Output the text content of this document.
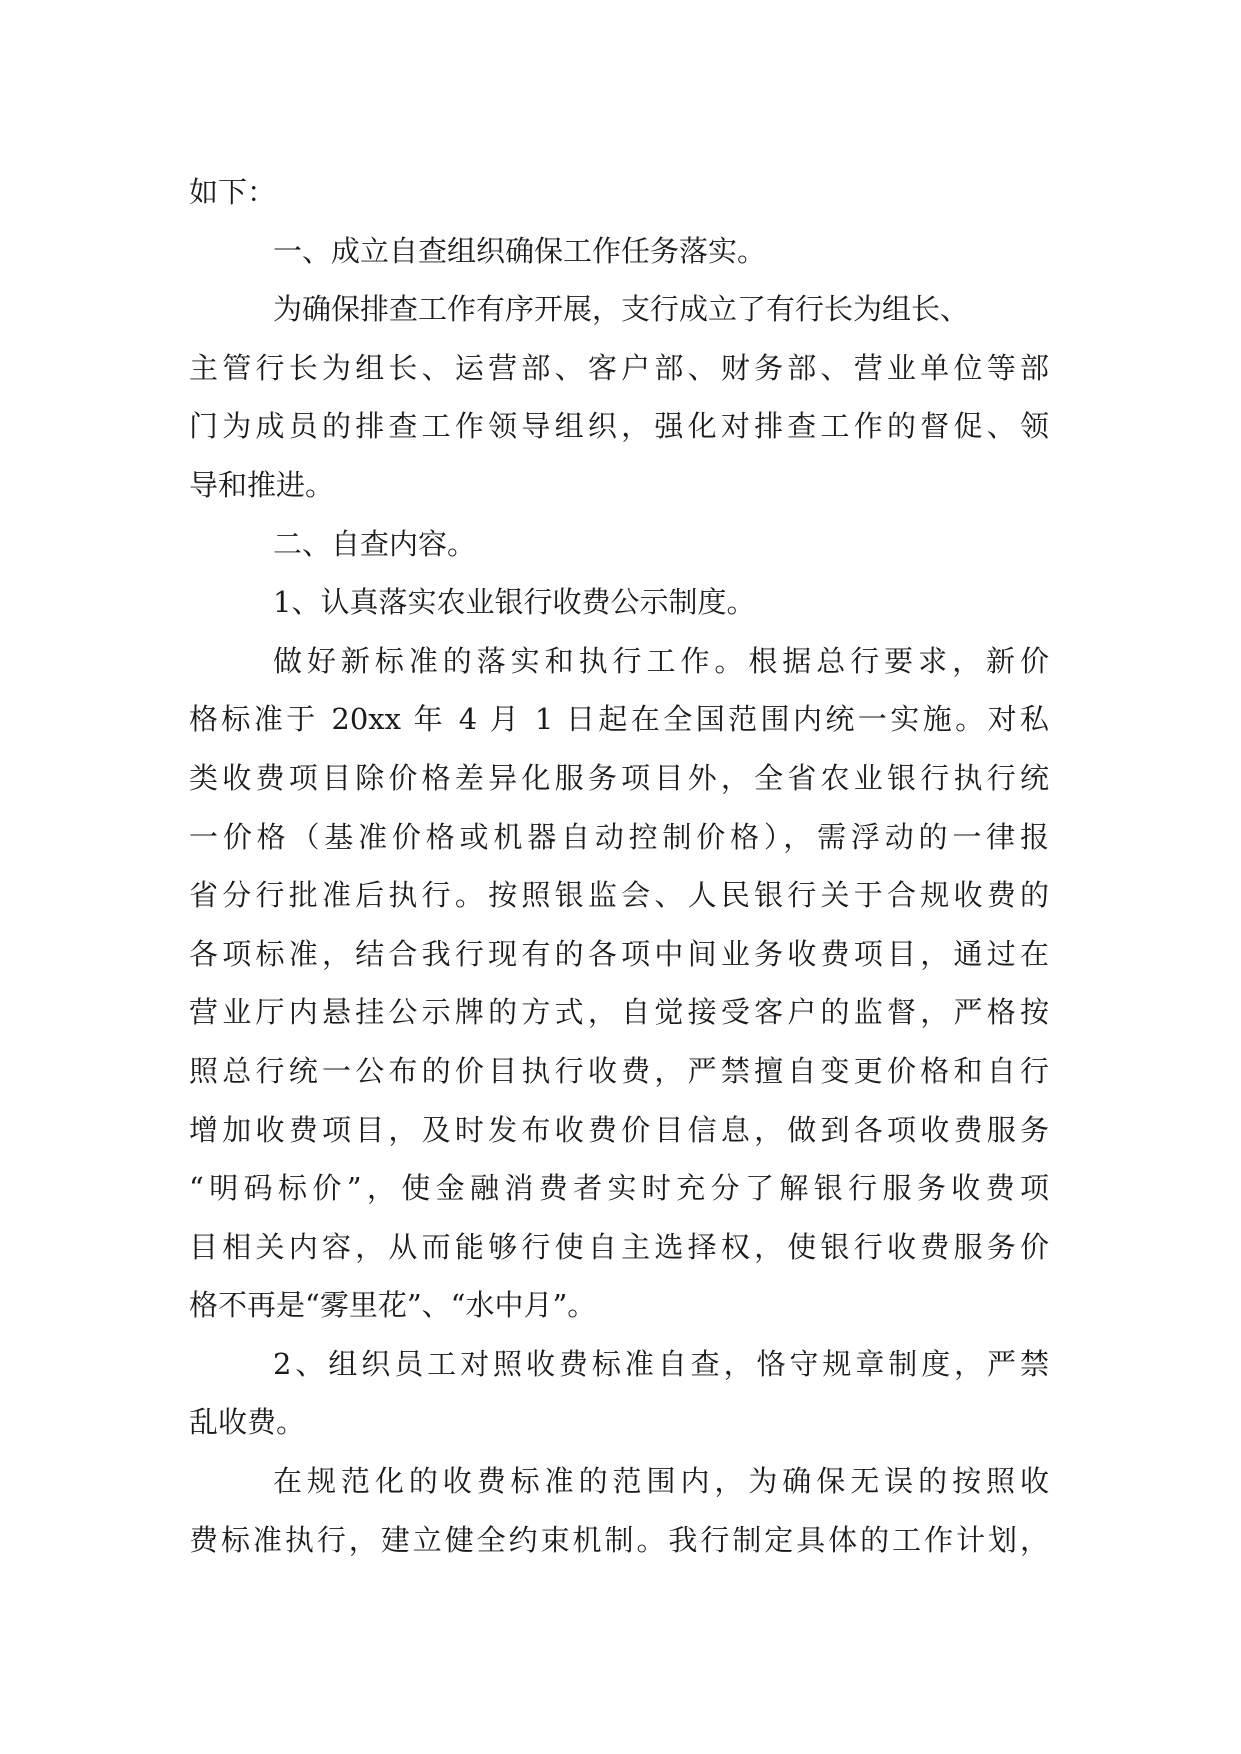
如下：
一、成立自查组织确保工作任务落实。
为确保排查工作有序开展，支行成立了有行长为组长、
主管行长为组长、运营部、客户部、财务部、营业单位等部
门为成员的排查工作领导组织，强化对排查工作的督促、领
导和推进。
二、自查内容。
1、认真落实农业银行收费公示制度。
做好新标准的落实和执行工作。根据总行要求，新价
格标准于 20xx 年 4 月 1 日起在全国范围内统一实施。对私
类收费项目除价格差异化服务项目外，全省农业银行执行统
一价格（基准价格或机器自动控制价格），需浮动的一律报
省分行批准后执行。按照银监会、人民银行关于合规收费的
各项标准，结合我行现有的各项中间业务收费项目，通过在
营业厅内悬挂公示牌的方式，自觉接受客户的监督，严格按
照总行统一公布的价目执行收费，严禁擅自变更价格和自行
增加收费项目，及时发布收费价目信息，做到各项收费服务
“明码标价”，使金融消费者实时充分了解银行服务收费项
目相关内容，从而能够行使自主选择权，使银行收费服务价
格不再是“雾里花”、“水中月”。
2、组织员工对照收费标准自查，恪守规章制度，严禁
乱收费。
在规范化的收费标准的范围内，为确保无误的按照收
费标准执行，建立健全约束机制。我行制定具体的工作计划，
